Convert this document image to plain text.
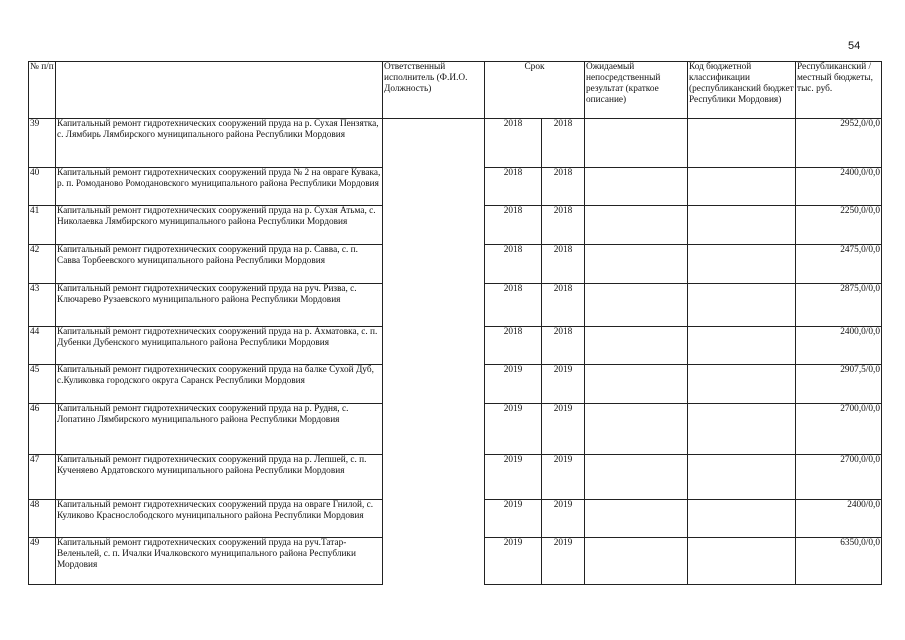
54
№ п/п		Ответственный исполнитель (Ф.И.О. Должность)	Срок		Ожидаемый непосредственный результат (краткое описание)	Код бюджетной классификации (республиканский бюджет Республики Мордовия)	Республиканский /местный бюджеты, тыс. руб.
39	Капитальный ремонт гидротехнических сооружений пруда на р. Сухая Пензятка, с. Лямбирь Лямбирского муниципального района Республики Мордовия		2018	2018			2952,0/0,0
40	Капитальный ремонт гидротехнических сооружений пруда № 2 на овраге Кувака, р. п. Ромоданово Ромодановского муниципального района Республики Мордовия		2018	2018			2400,0/0,0
41	Капитальный ремонт гидротехнических сооружений пруда на р. Сухая Атьма, с. Николаевка Лямбирского муниципального района Республики Мордовия		2018	2018			2250,0/0,0
42	Капитальный ремонт гидротехнических сооружений пруда на р. Савва, с. п. Савва Торбеевского муниципального района Республики Мордовия		2018	2018			2475,0/0,0
43	Капитальный ремонт гидротехнических сооружений пруда на руч. Ризва, с. Ключарево Рузаевского муниципального района Республики Мордовия		2018	2018			2875,0/0,0
44	Капитальный ремонт гидротехнических сооружений пруда на р. Ахматовка, с. п. Дубенки Дубенского муниципального района Республики Мордовия		2018	2018			2400,0/0,0
45	Капитальный ремонт гидротехнических сооружений пруда на балке Сухой Дуб, с.Куликовка городского округа Саранск Республики Мордовия		2019	2019			2907,5/0,0
46	Капитальный ремонт гидротехнических сооружений пруда на р. Рудня, с. Лопатино Лямбирского муниципального района Республики Мордовия		2019	2019			2700,0/0,0
47	Капитальный ремонт гидротехнических сооружений пруда на р. Лепшей, с. п. Кученяево Ардатовского муниципального района Республики Мордовия		2019	2019			2700,0/0,0
48	Капитальный ремонт гидротехнических сооружений пруда на овраге Гнилой, с. Куликово Краснослободского муниципального района Республики Мордовия		2019	2019			2400/0,0
49	Капитальный ремонт гидротехнических сооружений пруда на руч.Татар-Веленьлей, с. п. Ичалки Ичалковского муниципального района Республики Мордовия		2019	2019			6350,0/0,0
